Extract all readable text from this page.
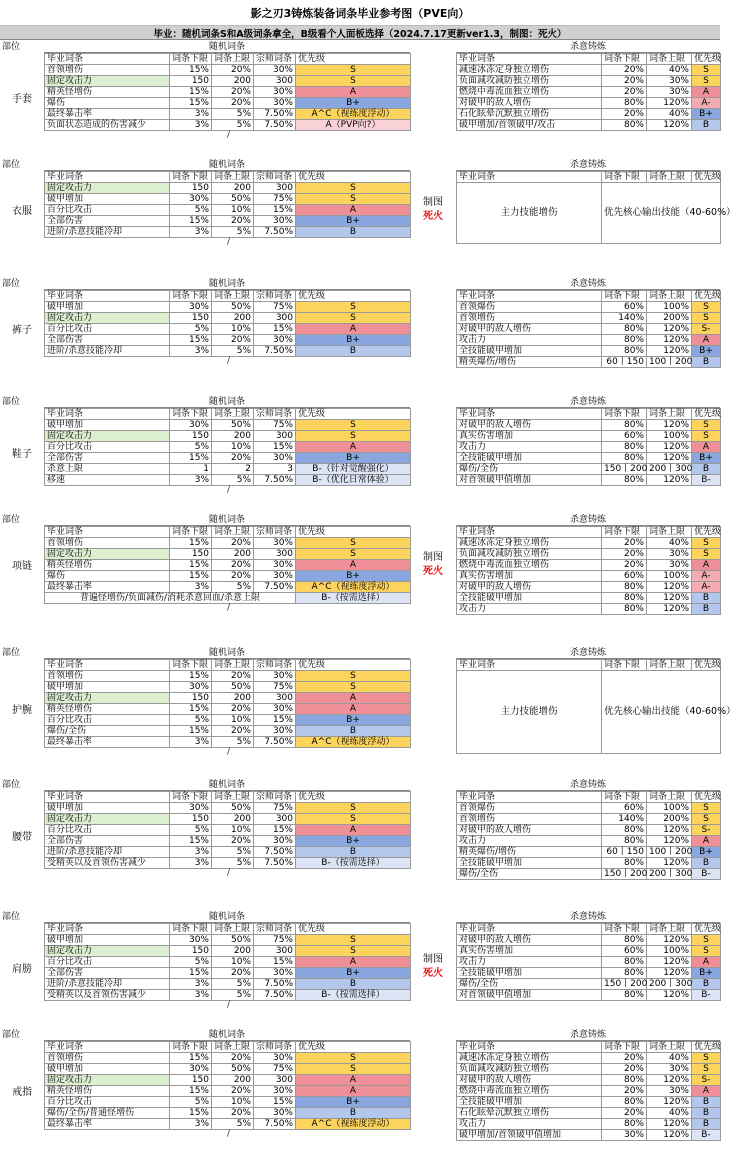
影之刃3铸炼装备词条毕业参考图（PVE向）
毕业：随机词条S和A级词条拿全，B级看个人面板选择（2024.7.17更新ver1.3，制图：死火）
部位
手套
随机词条
毕业词条	词条下限	词条上限	宗师词条	优先级
首领增伤	15%	20%	30%	S
固定攻击力	150	200	300	S
精英怪增伤	15%	20%	30%	A
爆伤	15%	20%	30%	B+
最终暴击率	3%	5%	7.50%	A^C（视练度浮动）
负面状态造成的伤害减少	3%	5%	7.50%	A（PVP向?）
/
杀意铸炼
毕业词条	词条下限	词条上限	优先级
减速冰冻定身独立增伤	20%	40%	S
负面减攻减防独立增伤	20%	30%	S
燃烧中毒流血独立增伤	20%	30%	A
对破甲的敌人增伤	80%	120%	A-
石化眩晕沉默独立增伤	20%	40%	B+
破甲增加/首领破甲/攻击	80%	120%	B
部位
衣服
随机词条
毕业词条	词条下限	词条上限	宗师词条	优先级
固定攻击力	150	200	300	S
破甲增加	30%	50%	75%	S
百分比攻击	5%	10%	15%	A
全部伤害	15%	20%	30%	B+
进阶/杀意技能冷却	3%	5%	7.50%	B
/
制图
死火
杀意铸炼
毕业词条	词条下限	词条上限	优先级
主力技能增伤	优先核心输出技能（40-60%）		
部位
裤子
随机词条
毕业词条	词条下限	词条上限	宗师词条	优先级
破甲增加	30%	50%	75%	S
固定攻击力	150	200	300	S
百分比攻击	5%	10%	15%	A
全部伤害	15%	20%	30%	B+
进阶/杀意技能冷却	3%	5%	7.50%	B
/
杀意铸炼
毕业词条	词条下限	词条上限	优先级
首领爆伤	60%	100%	S
首领增伤	140%	200%	S
对破甲的敌人增伤	80%	120%	S-
攻击力	80%	120%	A
全技能破甲增加	80%	120%	B+
精英爆伤/增伤	60丨150	100丨200	B
部位
鞋子
随机词条
毕业词条	词条下限	词条上限	宗师词条	优先级
破甲增加	30%	50%	75%	S
固定攻击力	150	200	300	S
百分比攻击	5%	10%	15%	A
全部伤害	15%	20%	30%	B+
杀意上限	1	2	3	B-（针对觉醒强化）
移速	3%	5%	7.50%	B-（优化日常体验）
/
杀意铸炼
毕业词条	词条下限	词条上限	优先级
对破甲的敌人增伤	80%	120%	S
真实伤害增加	60%	100%	S
攻击力	80%	120%	A
全技能破甲增加	80%	120%	B+
爆伤/全伤	150丨200	200丨300	B
对首领破甲值增加	80%	120%	B-
部位
项链
随机词条
毕业词条	词条下限	词条上限	宗师词条	优先级
首领增伤	15%	20%	30%	S
固定攻击力	150	200	300	S
精英怪增伤	15%	20%	30%	A
爆伤	15%	20%	30%	B+
最终暴击率	3%	5%	7.50%	A^C（视练度浮动）
普遍怪增伤/负面减伤/消耗杀意回血/杀意上限				B-（按需选择）
/
制图
死火
杀意铸炼
毕业词条	词条下限	词条上限	优先级
减速冰冻定身独立增伤	20%	40%	S
负面减攻减防独立增伤	20%	30%	S
燃烧中毒流血独立增伤	20%	30%	A
真实伤害增加	60%	100%	A-
对破甲的敌人增伤	80%	120%	A-
全技能破甲增加	80%	120%	B
攻击力	80%	120%	B
部位
护腕
随机词条
毕业词条	词条下限	词条上限	宗师词条	优先级
首领增伤	15%	20%	30%	S
破甲增加	30%	50%	75%	S
固定攻击力	150	200	300	A
精英怪增伤	15%	20%	30%	A
百分比攻击	5%	10%	15%	B+
爆伤/全伤	15%	20%	30%	B
最终暴击率	3%	5%	7.50%	A^C（视练度浮动）
/
杀意铸炼
毕业词条	词条下限	词条上限	优先级
主力技能增伤	优先核心输出技能（40-60%）		
部位
腰带
随机词条
毕业词条	词条下限	词条上限	宗师词条	优先级
破甲增加	30%	50%	75%	S
固定攻击力	150	200	300	S
百分比攻击	5%	10%	15%	A
全部伤害	15%	20%	30%	B+
进阶/杀意技能冷却	3%	5%	7.50%	B
受精英以及首领伤害减少	3%	5%	7.50%	B-（按需选择）
/
杀意铸炼
毕业词条	词条下限	词条上限	优先级
首领爆伤	60%	100%	S
首领增伤	140%	200%	S
对破甲的敌人增伤	80%	120%	S-
攻击力	80%	120%	A
精英爆伤/增伤	60丨150	100丨200	B+
全技能破甲增加	80%	120%	B
爆伤/全伤	150丨200	200丨300	B-
部位
肩膀
随机词条
毕业词条	词条下限	词条上限	宗师词条	优先级
破甲增加	30%	50%	75%	S
固定攻击力	150	200	300	S
百分比攻击	5%	10%	15%	A
全部伤害	15%	20%	30%	B+
进阶/杀意技能冷却	3%	5%	7.50%	B
受精英以及首领伤害减少	3%	5%	7.50%	B-（按需选择）
/
制图
死火
杀意铸炼
毕业词条	词条下限	词条上限	优先级
对破甲的敌人增伤	80%	120%	S
真实伤害增加	60%	100%	S
攻击力	80%	120%	A
全技能破甲增加	80%	120%	B+
爆伤/全伤	150丨200	200丨300	B
对首领破甲值增加	80%	120%	B-
部位
戒指
随机词条
毕业词条	词条下限	词条上限	宗师词条	优先级
首领增伤	15%	20%	30%	S
破甲增加	30%	50%	75%	S
固定攻击力	150	200	300	A
精英怪增伤	15%	20%	30%	A
百分比攻击	5%	10%	15%	B+
爆伤/全伤/普通怪增伤	15%	20%	30%	B
最终暴击率	3%	5%	7.50%	A^C（视练度浮动）
/
杀意铸炼
毕业词条	词条下限	词条上限	优先级
减速冰冻定身独立增伤	20%	40%	S
负面减攻减防独立增伤	20%	30%	S
对破甲的敌人增伤	80%	120%	S-
燃烧中毒流血独立增伤	20%	30%	A
全技能破甲增加	80%	120%	B
石化眩晕沉默独立增伤	20%	40%	B
攻击力	80%	120%	B
破甲增加/首领破甲值增加	30%	120%	B-
